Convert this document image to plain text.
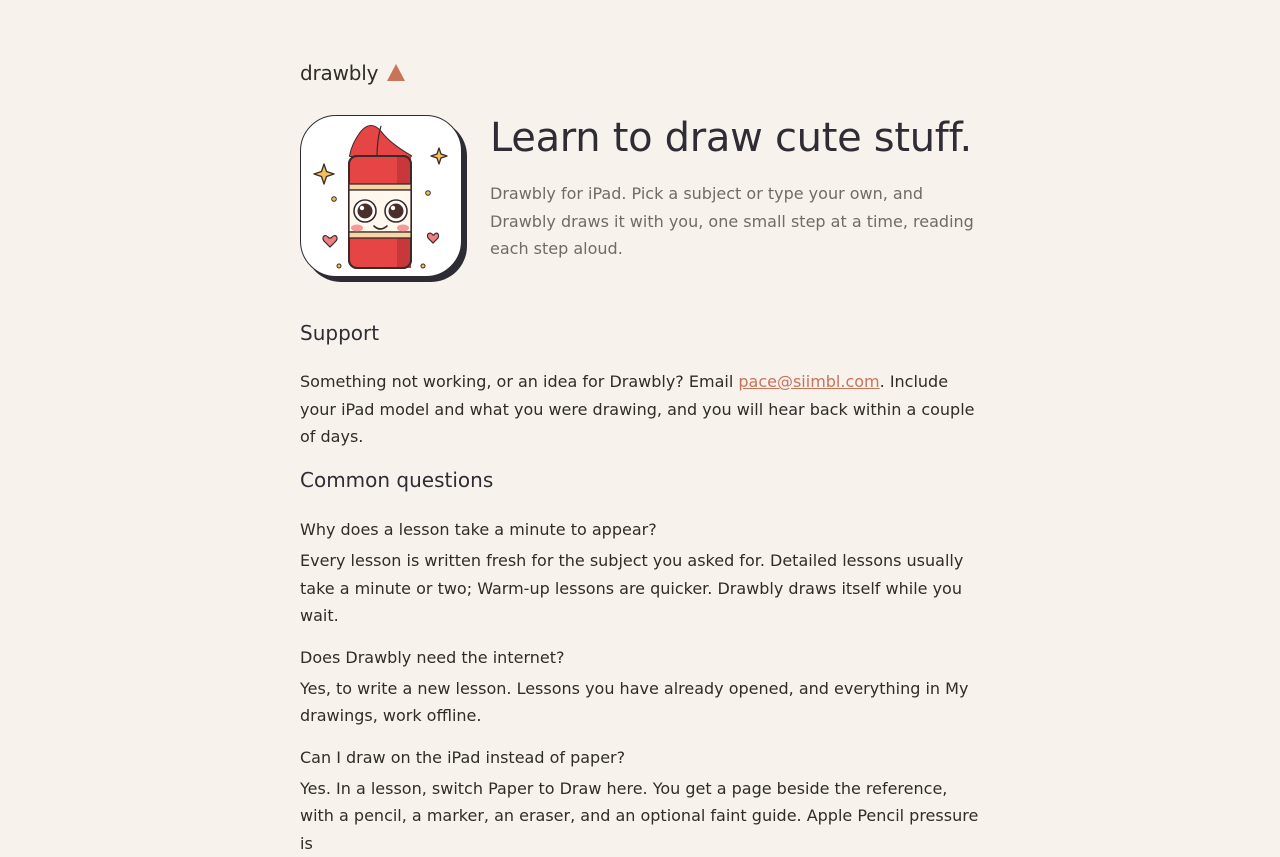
drawbly
Learn to draw cute stuff.

Drawbly for iPad. Pick a subject or type your own, and Drawbly draws it with you, one small step at a time, reading each step aloud.

Support

Something not working, or an idea for Drawbly? Email pace@siimbl.com. Include your iPad model and what you were drawing, and you will hear back within a couple of days.

Common questions

Why does a lesson take a minute to appear?

Every lesson is written fresh for the subject you asked for. Detailed lessons usually take a minute or two; Warm-up lessons are quicker. Drawbly draws itself while you wait.

Does Drawbly need the internet?

Yes, to write a new lesson. Lessons you have already opened, and everything in My drawings, work offline.

Can I draw on the iPad instead of paper?

Yes. In a lesson, switch Paper to Draw here. You get a page beside the reference, with a pencil, a marker, an eraser, and an optional faint guide. Apple Pencil pressure is
